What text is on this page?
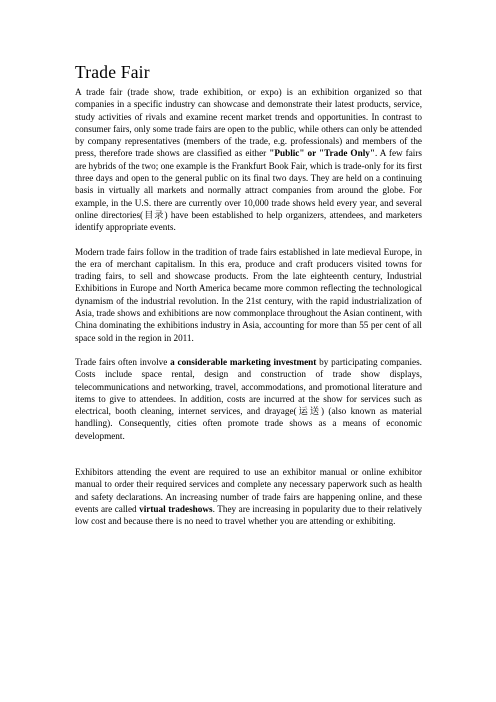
Trade Fair

A trade fair (trade show, trade exhibition, or expo) is an exhibition organized so that companies in a specific industry can showcase and demonstrate their latest products, service, study activities of rivals and examine recent market trends and opportunities. In contrast to consumer fairs, only some trade fairs are open to the public, while others can only be attended by company representatives (members of the trade, e.g. professionals) and members of the press, therefore trade shows are classified as either "Public" or "Trade Only". A few fairs are hybrids of the two; one example is the Frankfurt Book Fair, which is trade-only for its first three days and open to the general public on its final two days. They are held on a continuing basis in virtually all markets and normally attract companies from around the globe. For example, in the U.S. there are currently over 10,000 trade shows held every year, and several online directories(目录) have been established to help organizers, attendees, and marketers identify appropriate events.

Modern trade fairs follow in the tradition of trade fairs established in late medieval Europe, in the era of merchant capitalism. In this era, produce and craft producers visited towns for trading fairs, to sell and showcase products. From the late eighteenth century, Industrial Exhibitions in Europe and North America became more common reflecting the technological dynamism of the industrial revolution. In the 21st century, with the rapid industrialization of Asia, trade shows and exhibitions are now commonplace throughout the Asian continent, with China dominating the exhibitions industry in Asia, accounting for more than 55 per cent of all space sold in the region in 2011.

Trade fairs often involve a considerable marketing investment by participating companies. Costs include space rental, design and construction of trade show displays, telecommunications and networking, travel, accommodations, and promotional literature and items to give to attendees. In addition, costs are incurred at the show for services such as electrical, booth cleaning, internet services, and drayage(运送) (also known as material handling). Consequently, cities often promote trade shows as a means of economic development.

Exhibitors attending the event are required to use an exhibitor manual or online exhibitor manual to order their required services and complete any necessary paperwork such as health and safety declarations. An increasing number of trade fairs are happening online, and these events are called virtual tradeshows. They are increasing in popularity due to their relatively low cost and because there is no need to travel whether you are attending or exhibiting.
